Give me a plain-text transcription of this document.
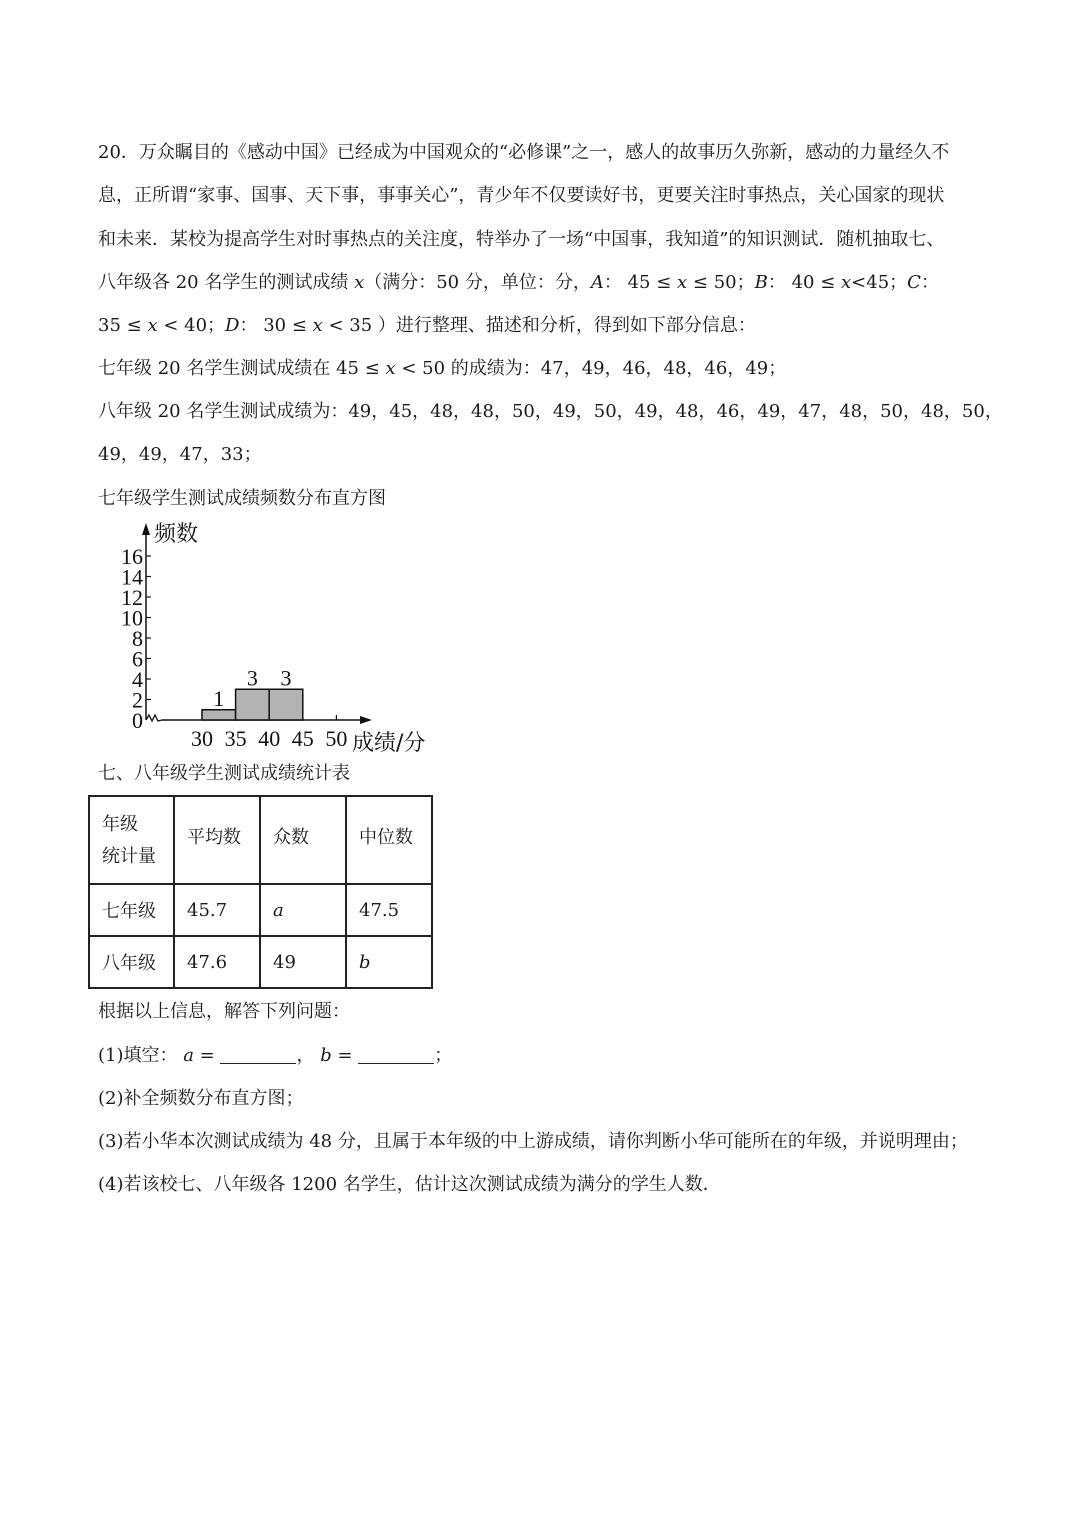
20．万众瞩目的《感动中国》已经成为中国观众的“必修课”之一，感人的故事历久弥新，感动的力量经久不
息，正所谓“家事、国事、天下事，事事关心”，青少年不仅要读好书，更要关注时事热点，关心国家的现状
和未来．某校为提高学生对时事热点的关注度，特举办了一场“中国事，我知道”的知识测试．随机抽取七、
八年级各 20 名学生的测试成绩 x（满分：50 分，单位：分，A： 45 ≤ x ≤ 50；B： 40 ≤ x<45；C：
35 ≤ x < 40；D： 30 ≤ x < 35 ）进行整理、描述和分析，得到如下部分信息：
七年级 20 名学生测试成绩在 45 ≤ x < 50 的成绩为：47，49，46，48，46，49；
八年级 20 名学生测试成绩为：49，45，48，48，50，49，50，49，48，46，49，47，48，50，48，50，
49，49，47，33；
七年级学生测试成绩频数分布直方图
0
2
4
6
8
10
12
14
16
30 35 40 45 50
1
3 3
频数
成绩/分
七、八年级学生测试成绩统计表
年级
统计量	平均数	众数	中位数
七年级	45.7	a	47.5
八年级	47.6	49	b
根据以上信息，解答下列问题：
(1)填空： a =	， b =	；
(2)补全频数分布直方图；
(3)若小华本次测试成绩为 48 分，且属于本年级的中上游成绩，请你判断小华可能所在的年级，并说明理由；
(4)若该校七、八年级各 1200 名学生，估计这次测试成绩为满分的学生人数．
